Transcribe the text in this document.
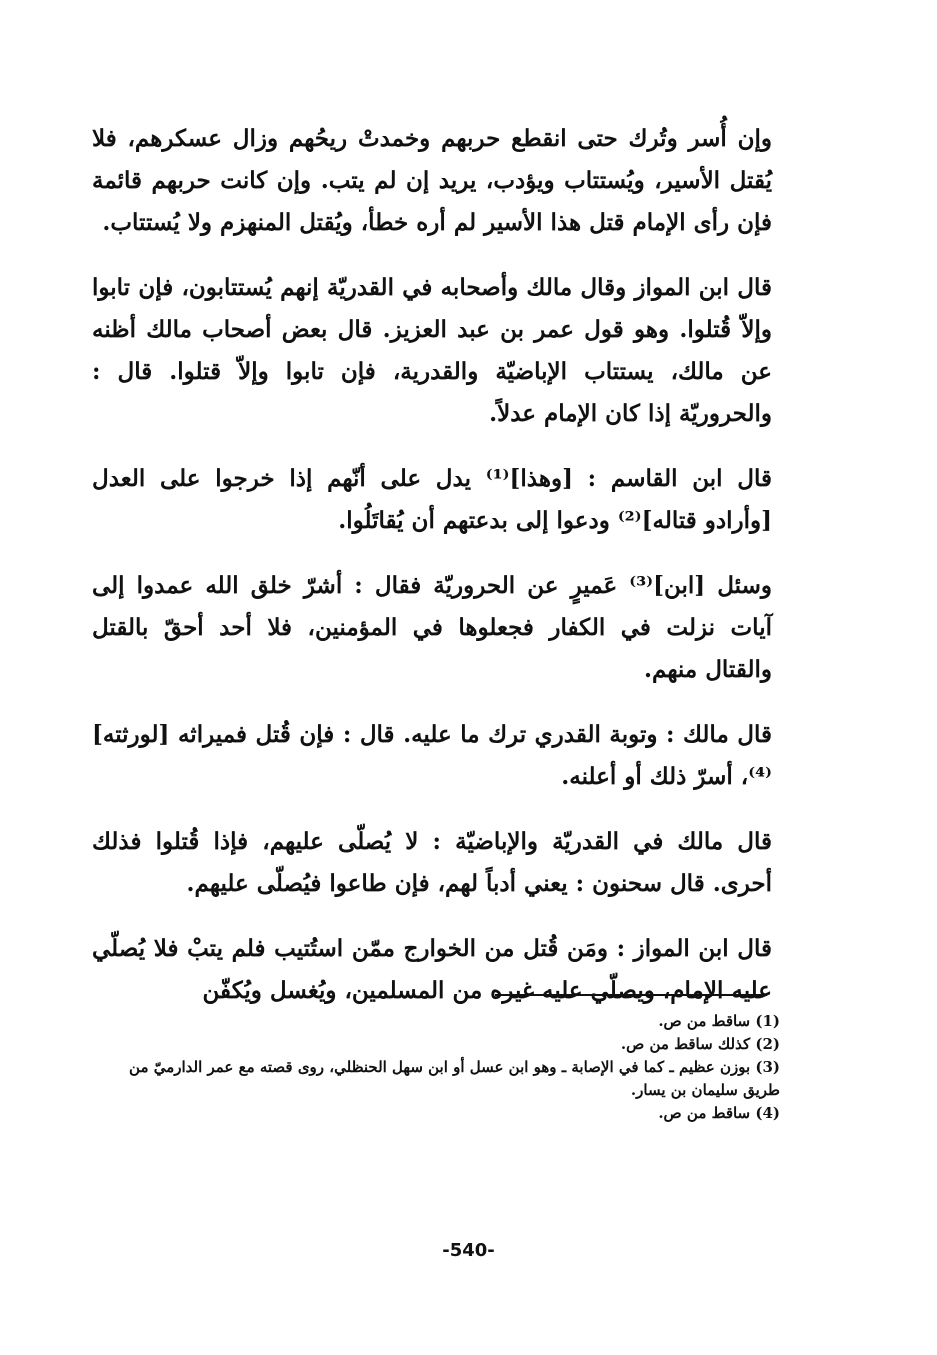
وإن أُسر وتُرك حتى انقطع حربهم وخمدتْ ريحُهم وزال عسكرهم، فلا يُقتل الأسير، ويُستتاب ويؤدب، يريد إن لم يتب. وإن كانت حربهم قائمة فإن رأى الإمام قتل هذا الأسير لم أره خطأ، ويُقتل المنهزم ولا يُستتاب.

قال ابن المواز وقال مالك وأصحابه في القدريّة إنهم يُستتابون، فإن تابوا وإلاّ قُتلوا. وهو قول عمر بن عبد العزيز. قال بعض أصحاب مالك أظنه عن مالك، يستتاب الإباضيّة والقدرية، فإن تابوا وإلاّ قتلوا. قال : والحروريّة إذا كان الإمام عدلاً.

قال ابن القاسم : [وهذا]⁽¹⁾ يدل على أنّهم إذا خرجوا على العدل [وأرادو قتاله]⁽²⁾ ودعوا إلى بدعتهم أن يُقاتَلُوا.

وسئل [ابن]⁽³⁾ عَميرٍ عن الحروريّة فقال : أشرّ خلق الله عمدوا إلى آيات نزلت في الكفار فجعلوها في المؤمنين، فلا أحد أحقّ بالقتل والقتال منهم.

قال مالك : وتوبة القدري ترك ما عليه. قال : فإن قُتل فميراثه [لورثته]⁽⁴⁾، أسرّ ذلك أو أعلنه.

قال مالك في القدريّة والإباضيّة : لا يُصلّى عليهم، فإذا قُتلوا فذلك أحرى. قال سحنون : يعني أدباً لهم، فإن طاعوا فيُصلّى عليهم.

قال ابن المواز : ومَن قُتل من الخوارج ممّن استُتيب فلم يتبْ فلا يُصلّي عليه الإمام، ويصلّي عليه غيره من المسلمين، ويُغسل ويُكفّن

(1) ساقط من ص.

(2) كذلك ساقط من ص.

(3) بوزن عظيم ـ كما في الإصابة ـ وهو ابن عسل أو ابن سهل الحنظلي، روى قصته مع عمر الدارميّ من طريق سليمان بن يسار.

(4) ساقط من ص.

-540-
